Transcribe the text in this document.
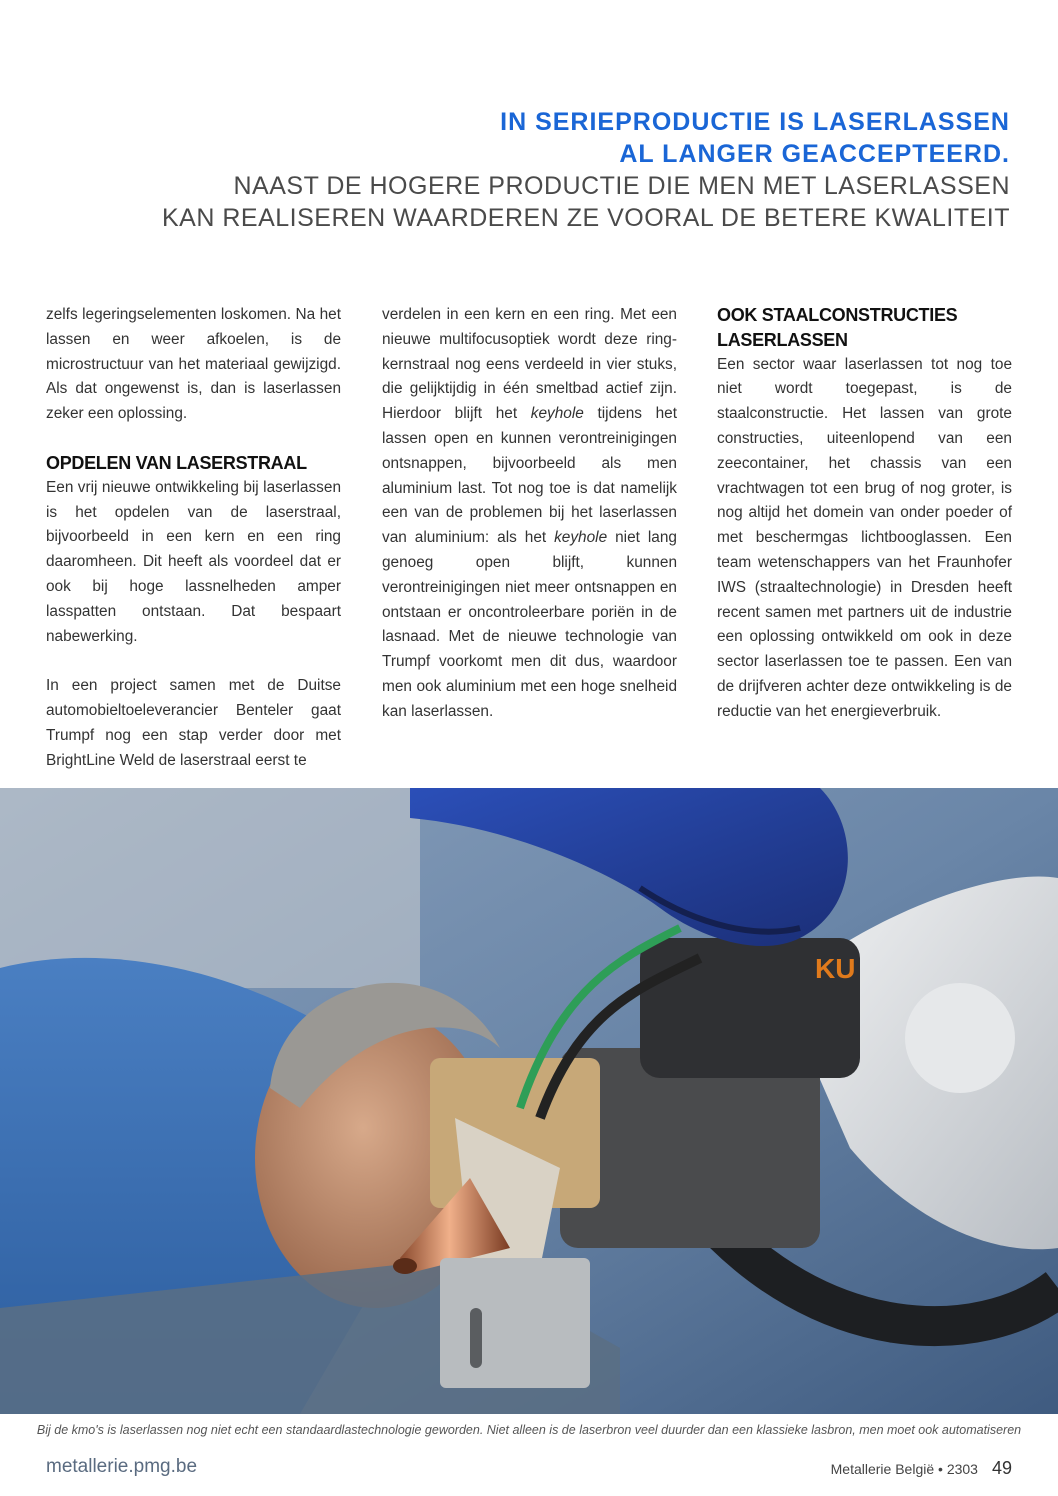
IN SERIEPRODUCTIE IS LASERLASSEN
AL LANGER GEACCEPTEERD.
NAAST DE HOGERE PRODUCTIE DIE MEN MET LASERLASSEN
KAN REALISEREN WAARDEREN ZE VOORAL DE BETERE KWALITEIT

zelfs legeringselementen loskomen. Na het lassen en weer afkoelen, is de microstructuur van het materiaal gewijzigd. Als dat ongewenst is, dan is laserlassen zeker een oplossing.

OPDELEN VAN LASERSTRAAL

Een vrij nieuwe ontwikkeling bij laserlassen is het opdelen van de laserstraal, bijvoorbeeld in een kern en een ring daaromheen. Dit heeft als voordeel dat er ook bij hoge lassnelheden amper lasspatten ontstaan. Dat bespaart nabewerking.

In een project samen met de Duitse automobieltoeleverancier Benteler gaat Trumpf nog een stap verder door met BrightLine Weld de laserstraal eerst te

verdelen in een kern en een ring. Met een nieuwe multifocusoptiek wordt deze ring-kernstraal nog eens verdeeld in vier stuks, die gelijktijdig in één smeltbad actief zijn. Hierdoor blijft het keyhole tijdens het lassen open en kunnen verontreinigingen ontsnappen, bijvoorbeeld als men aluminium last. Tot nog toe is dat namelijk een van de problemen bij het laserlassen van aluminium: als het keyhole niet lang genoeg open blijft, kunnen verontreinigingen niet meer ontsnappen en ontstaan er oncontroleerbare poriën in de lasnaad. Met de nieuwe technologie van Trumpf voorkomt men dit dus, waardoor men ook aluminium met een hoge snelheid kan laserlassen.

OOK STAALCONSTRUCTIES
LASERLASSEN

Een sector waar laserlassen tot nog toe niet wordt toegepast, is de staalconstructie. Het lassen van grote constructies, uiteenlopend van een zeecontainer, het chassis van een vrachtwagen tot een brug of nog groter, is nog altijd het domein van onder poeder of met beschermgas lichtbooglassen. Een team wetenschappers van het Fraunhofer IWS (straaltechnologie) in Dresden heeft recent samen met partners uit de industrie een oplossing ontwikkeld om ook in deze sector laserlassen toe te passen. Een van de drijfveren achter deze ontwikkeling is de reductie van het energieverbruik.

KU
Bij de kmo's is laserlassen nog niet echt een standaardlastechnologie geworden. Niet alleen is de laserbron veel duurder dan een klassieke lasbron, men moet ook automatiseren
metallerie.pmg.be	Metallerie België • 2303 49
